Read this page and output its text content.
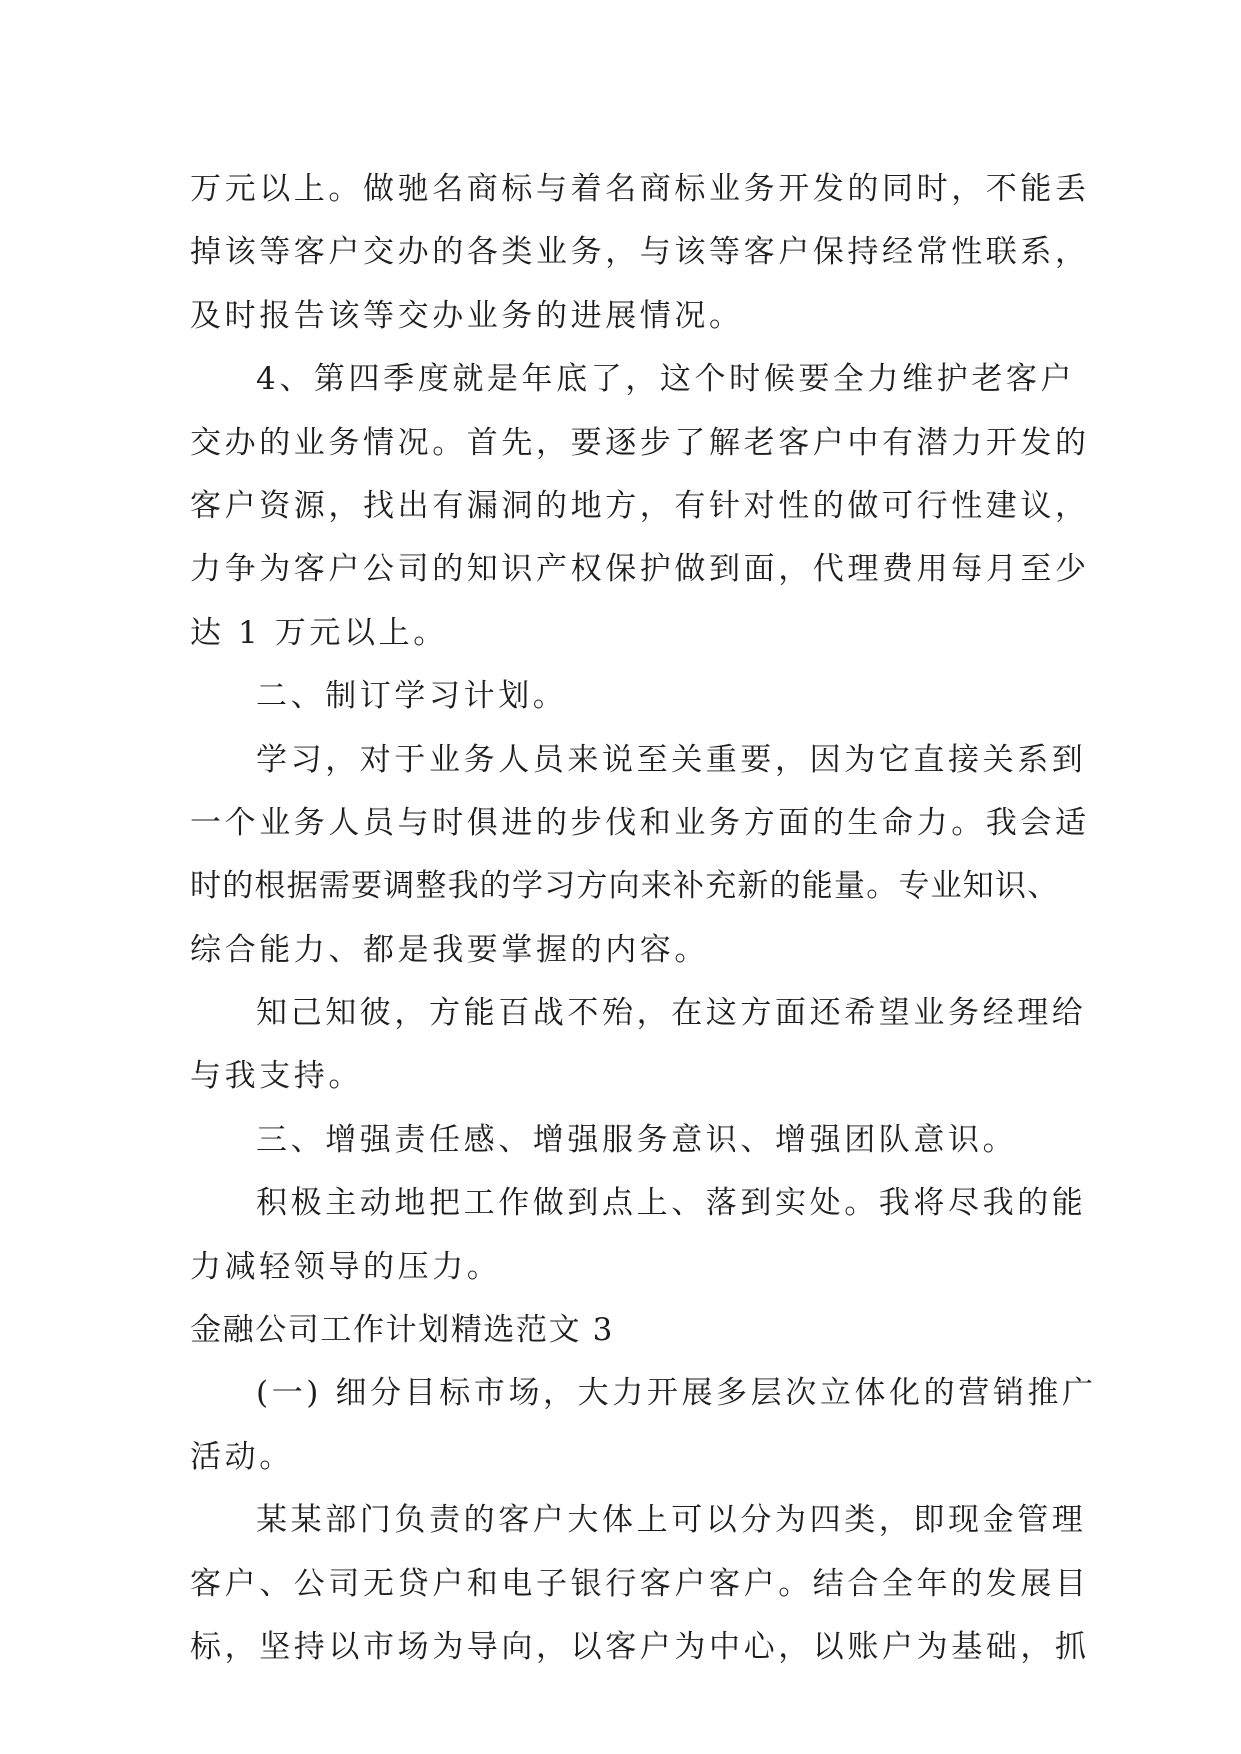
万元以上。做驰名商标与着名商标业务开发的同时，不能丢
掉该等客户交办的各类业务，与该等客户保持经常性联系，
及时报告该等交办业务的进展情况。
4、第四季度就是年底了，这个时候要全力维护老客户
交办的业务情况。首先，要逐步了解老客户中有潜力开发的
客户资源，找出有漏洞的地方，有针对性的做可行性建议，
力争为客户公司的知识产权保护做到面，代理费用每月至少
达 1 万元以上。
二、制订学习计划。
学习，对于业务人员来说至关重要，因为它直接关系到
一个业务人员与时俱进的步伐和业务方面的生命力。我会适
时的根据需要调整我的学习方向来补充新的能量。专业知识、
综合能力、都是我要掌握的内容。
知己知彼，方能百战不殆，在这方面还希望业务经理给
与我支持。
三、增强责任感、增强服务意识、增强团队意识。
积极主动地把工作做到点上、落到实处。我将尽我的能
力减轻领导的压力。
金融公司工作计划精选范文 3
(一) 细分目标市场，大力开展多层次立体化的营销推广
活动。
某某部门负责的客户大体上可以分为四类，即现金管理
客户、公司无贷户和电子银行客户客户。结合全年的发展目
标，坚持以市场为导向，以客户为中心，以账户为基础，抓
